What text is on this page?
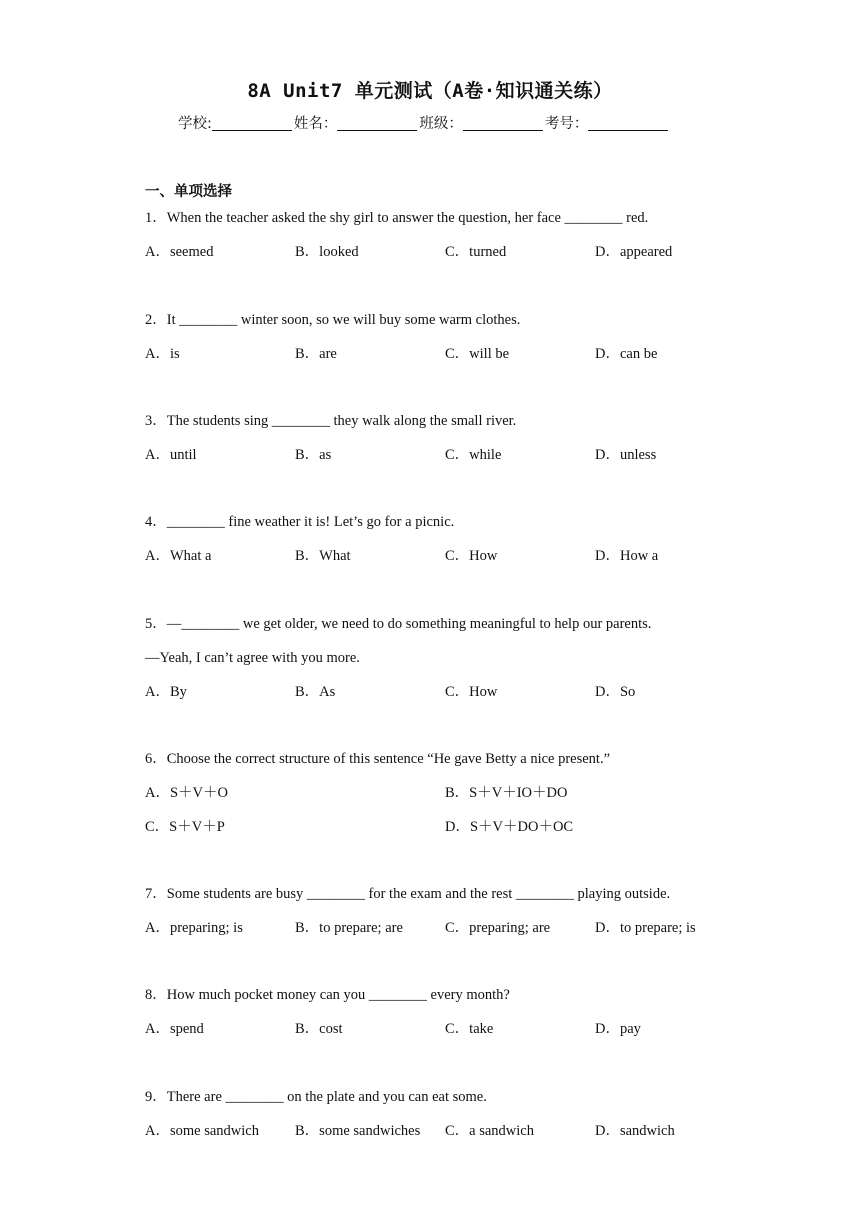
8A Unit7 单元测试（A卷·知识通关练）
学校:	姓名：	班级：	考号：
一、单项选择
1．When the teacher asked the shy girl to answer the question, her face ________ red.
A．seemed	B．looked	C．turned	D．appeared
2．It ________ winter soon, so we will buy some warm clothes.
A．is	B．are	C．will be	D．can be
3．The students sing ________ they walk along the small river.
A．until	B．as	C．while	D．unless
4．________ fine weather it is! Let’s go for a picnic.
A．What a	B．What	C．How	D．How a
5．—________ we get older, we need to do something meaningful to help our parents.
—Yeah, I can’t agree with you more.
A．By	B．As	C．How	D．So
6．Choose the correct structure of this sentence “He gave Betty a nice present.”
A．S＋V＋O	B．S＋V＋IO＋DO
C．S＋V＋P	D．S＋V＋DO＋OC
7．Some students are busy ________ for the exam and the rest ________ playing outside.
A．preparing; is	B．to prepare; are	C．preparing; are	D．to prepare; is
8．How much pocket money can you ________ every month?
A．spend	B．cost	C．take	D．pay
9．There are ________ on the plate and you can eat some.
A．some sandwich B．some sandwiches C．a sandwich	D．sandwich
